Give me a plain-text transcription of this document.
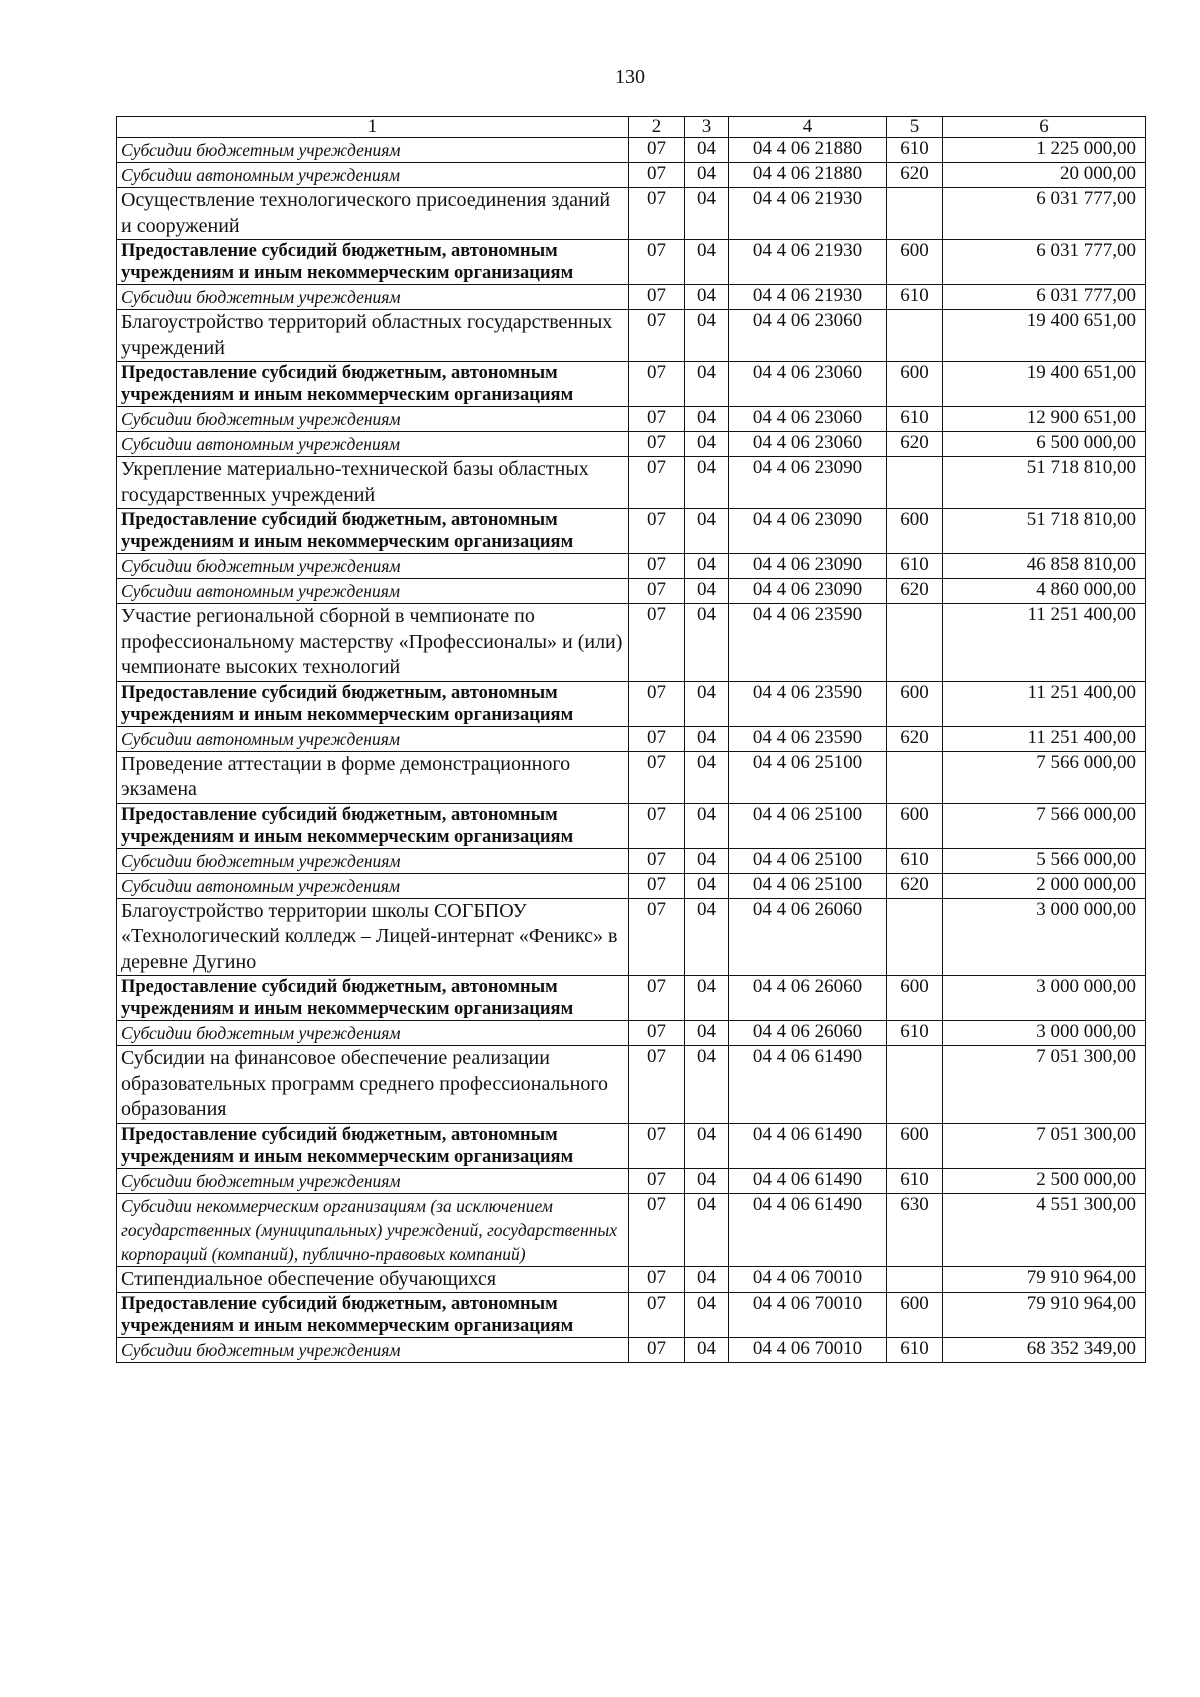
130
1	2	3	4	5	6
Субсидии бюджетным учреждениям	07	04	04 4 06 21880	610	1 225 000,00
Субсидии автономным учреждениям	07	04	04 4 06 21880	620	20 000,00
Осуществление технологического присоединения зданий и сооружений	07	04	04 4 06 21930		6 031 777,00
Предоставление субсидий бюджетным, автономным учреждениям и иным некоммерческим организациям	07	04	04 4 06 21930	600	6 031 777,00
Субсидии бюджетным учреждениям	07	04	04 4 06 21930	610	6 031 777,00
Благоустройство территорий областных государственных учреждений	07	04	04 4 06 23060		19 400 651,00
Предоставление субсидий бюджетным, автономным учреждениям и иным некоммерческим организациям	07	04	04 4 06 23060	600	19 400 651,00
Субсидии бюджетным учреждениям	07	04	04 4 06 23060	610	12 900 651,00
Субсидии автономным учреждениям	07	04	04 4 06 23060	620	6 500 000,00
Укрепление материально-технической базы областных государственных учреждений	07	04	04 4 06 23090		51 718 810,00
Предоставление субсидий бюджетным, автономным учреждениям и иным некоммерческим организациям	07	04	04 4 06 23090	600	51 718 810,00
Субсидии бюджетным учреждениям	07	04	04 4 06 23090	610	46 858 810,00
Субсидии автономным учреждениям	07	04	04 4 06 23090	620	4 860 000,00
Участие региональной сборной в чемпионате по профессиональному мастерству «Профессионалы» и (или) чемпионате высоких технологий	07	04	04 4 06 23590		11 251 400,00
Предоставление субсидий бюджетным, автономным учреждениям и иным некоммерческим организациям	07	04	04 4 06 23590	600	11 251 400,00
Субсидии автономным учреждениям	07	04	04 4 06 23590	620	11 251 400,00
Проведение аттестации в форме демонстрационного экзамена	07	04	04 4 06 25100		7 566 000,00
Предоставление субсидий бюджетным, автономным учреждениям и иным некоммерческим организациям	07	04	04 4 06 25100	600	7 566 000,00
Субсидии бюджетным учреждениям	07	04	04 4 06 25100	610	5 566 000,00
Субсидии автономным учреждениям	07	04	04 4 06 25100	620	2 000 000,00
Благоустройство территории школы СОГБПОУ «Технологический колледж – Лицей-интернат «Феникс» в деревне Дугино	07	04	04 4 06 26060		3 000 000,00
Предоставление субсидий бюджетным, автономным учреждениям и иным некоммерческим организациям	07	04	04 4 06 26060	600	3 000 000,00
Субсидии бюджетным учреждениям	07	04	04 4 06 26060	610	3 000 000,00
Субсидии на финансовое обеспечение реализации образовательных программ среднего профессионального образования	07	04	04 4 06 61490		7 051 300,00
Предоставление субсидий бюджетным, автономным учреждениям и иным некоммерческим организациям	07	04	04 4 06 61490	600	7 051 300,00
Субсидии бюджетным учреждениям	07	04	04 4 06 61490	610	2 500 000,00
Субсидии некоммерческим организациям (за исключением государственных (муниципальных) учреждений, государственных корпораций (компаний), публично-правовых компаний)	07	04	04 4 06 61490	630	4 551 300,00
Стипендиальное обеспечение обучающихся	07	04	04 4 06 70010		79 910 964,00
Предоставление субсидий бюджетным, автономным учреждениям и иным некоммерческим организациям	07	04	04 4 06 70010	600	79 910 964,00
Субсидии бюджетным учреждениям	07	04	04 4 06 70010	610	68 352 349,00
